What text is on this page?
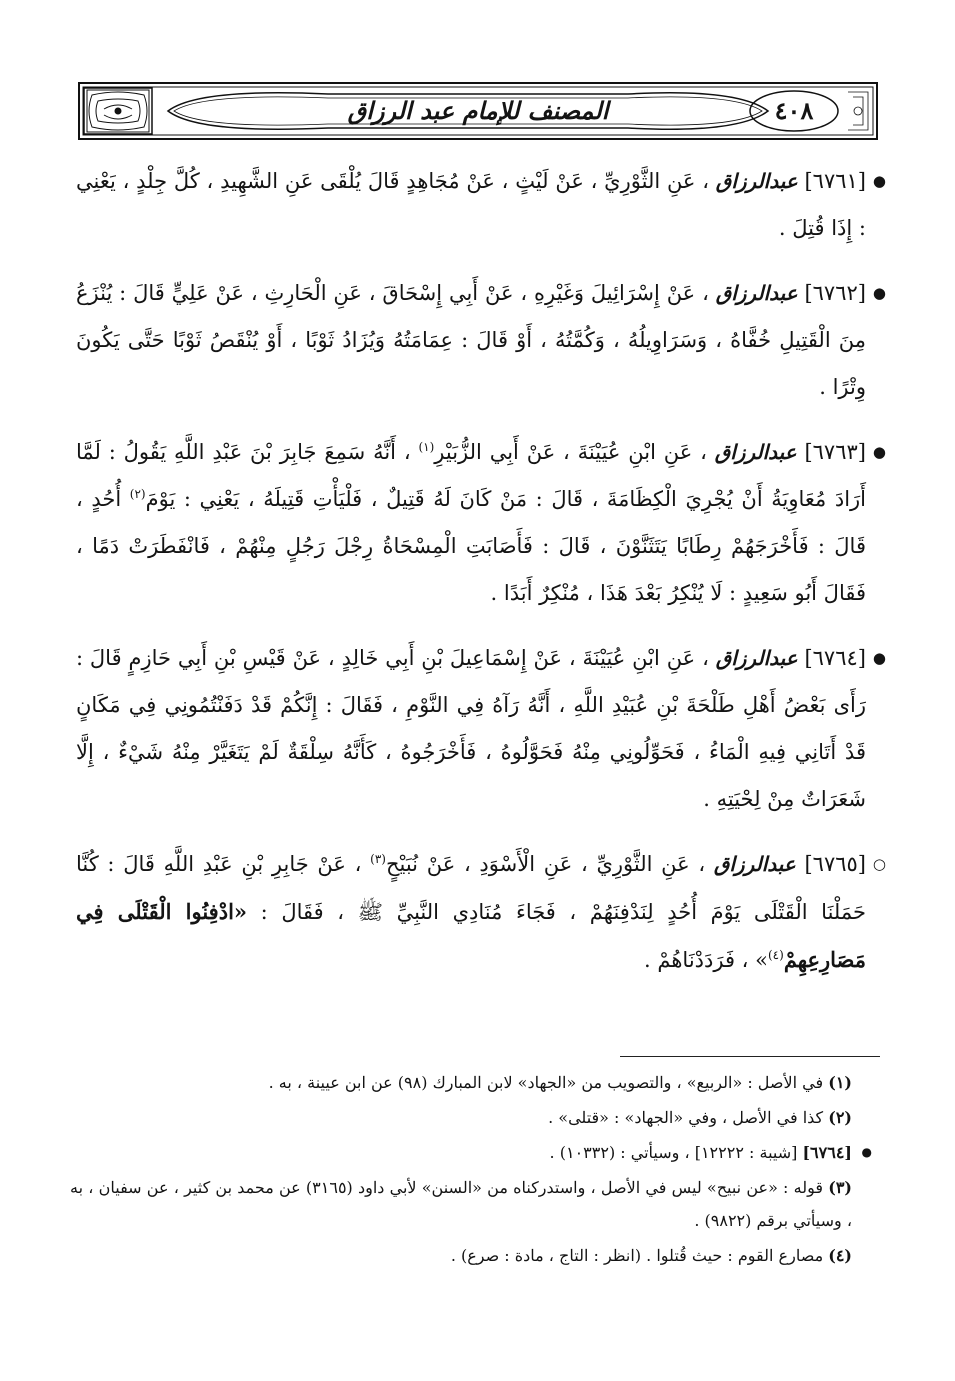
المصنف للإمام عبد الرزاق	٤٠٨

●
[٦٧٦١] عبدالرزاق ، عَنِ الثَّوْرِيِّ ، عَنْ لَيْثٍ ، عَنْ مُجَاهِدٍ قَالَ يُلْقَى عَنِ الشَّهِيدِ ، كُلَّ جِلْدٍ ، يَعْنِي : إِذَا قُتِلَ .

●
[٦٧٦٢] عبدالرزاق ، عَنْ إِسْرَائِيلَ وَغَيْرِهِ ، عَنْ أَبِي إِسْحَاقَ ، عَنِ الْحَارِثِ ، عَنْ عَلِيٍّ قَالَ : يُنْزَعُ مِنَ الْقَتِيلِ خُفَّاهُ ، وَسَرَاوِيلُهُ ، وَكُمَّتُهُ ، أَوْ قَالَ : عِمَامَتُهُ وَيُزَادُ ثَوْبًا ، أَوْ يُنْقَصُ ثَوْبًا حَتَّى يَكُونَ وِتْرًا .

●
[٦٧٦٣] عبدالرزاق ، عَنِ ابْنِ عُيَيْنَةَ ، عَنْ أَبِي الزُّبَيْرِ$^{(١)}$ ، أَنَّهُ سَمِعَ جَابِرَ بْنَ عَبْدِ اللَّهِ يَقُولُ : لَمَّا أَرَادَ مُعَاوِيَةُ أَنْ يُجْرِيَ الْكِظَامَةَ ، قَالَ : مَنْ كَانَ لَهُ قَتِيلٌ ، فَلْيَأْتِ قَتِيلَهُ ، يَعْنِي : يَوْمَ$^{(٢)}$ أُحُدٍ ، قَالَ : فَأَخْرَجَهُمْ رِطَابًا يَتَثَنَّوْنَ ، قَالَ : فَأَصَابَتِ الْمِسْحَاةُ رِجْلَ رَجُلٍ مِنْهُمْ ، فَانْفَطَرَتْ دَمًا ، فَقَالَ أَبُو سَعِيدٍ : لَا يُنْكِرُ بَعْدَ هَذَا ، مُنْكِرٌ أَبَدًا .

●
[٦٧٦٤] عبدالرزاق ، عَنِ ابْنِ عُيَيْنَةَ ، عَنْ إِسْمَاعِيلَ بْنِ أَبِي خَالِدٍ ، عَنْ قَيْسِ بْنِ أَبِي حَازِمٍ قَالَ : رَأَى بَعْضُ أَهْلِ طَلْحَةَ بْنِ عُبَيْدِ اللَّهِ ، أَنَّهُ رَآهُ فِي النَّوْمِ ، فَقَالَ : إِنَّكُمْ قَدْ دَفَنْتُمُونِي فِي مَكَانٍ قَدْ أَتَانِي فِيهِ الْمَاءُ ، فَحَوِّلُونِي مِنْهُ فَحَوَّلُوهُ ، فَأَخْرَجُوهُ ، كَأَنَّهُ سِلْقَةٌ لَمْ يَتَغَيَّرْ مِنْهُ شَيْءٌ ، إِلَّا شَعَرَاتٌ مِنْ لِحْيَتِهِ .

○
[٦٧٦٥] عبدالرزاق ، عَنِ الثَّوْرِيِّ ، عَنِ الْأَسْوَدِ ، عَنْ نُبَيْحٍ$^{(٣)}$ ، عَنْ جَابِرِ بْنِ عَبْدِ اللَّهِ قَالَ : كُنَّا حَمَلْنَا الْقَتْلَى يَوْمَ أُحُدٍ لِنَدْفِنَهُمْ ، فَجَاءَ مُنَادِي النَّبِيِّ ﷺ ، فَقَالَ : «ادْفِنُوا الْقَتْلَى فِي مَصَارِعِهِمْ$^{(٤)}$» ، فَرَدَدْنَاهُمْ .

(١) في الأصل : «الربيع» ، والتصويب من «الجهاد» لابن المبارك (٩٨) عن ابن عيينة ، به .

(٢) كذا في الأصل ، وفي «الجهاد» : «قتلى» .

●
[٦٧٦٤] [شيبة : ١٢٢٢٢] ، وسيأتي : (١٠٣٣٢) .

(٣) قوله : «عن نبيح» ليس في الأصل ، واستدركناه من «السنن» لأبي داود (٣١٦٥) عن محمد بن كثير ، عن سفيان ، به ، وسيأتي برقم (٩٨٢٢) .

(٤) مصارع القوم : حيث قُتلوا . (انظر : التاج ، مادة : صرع) .
